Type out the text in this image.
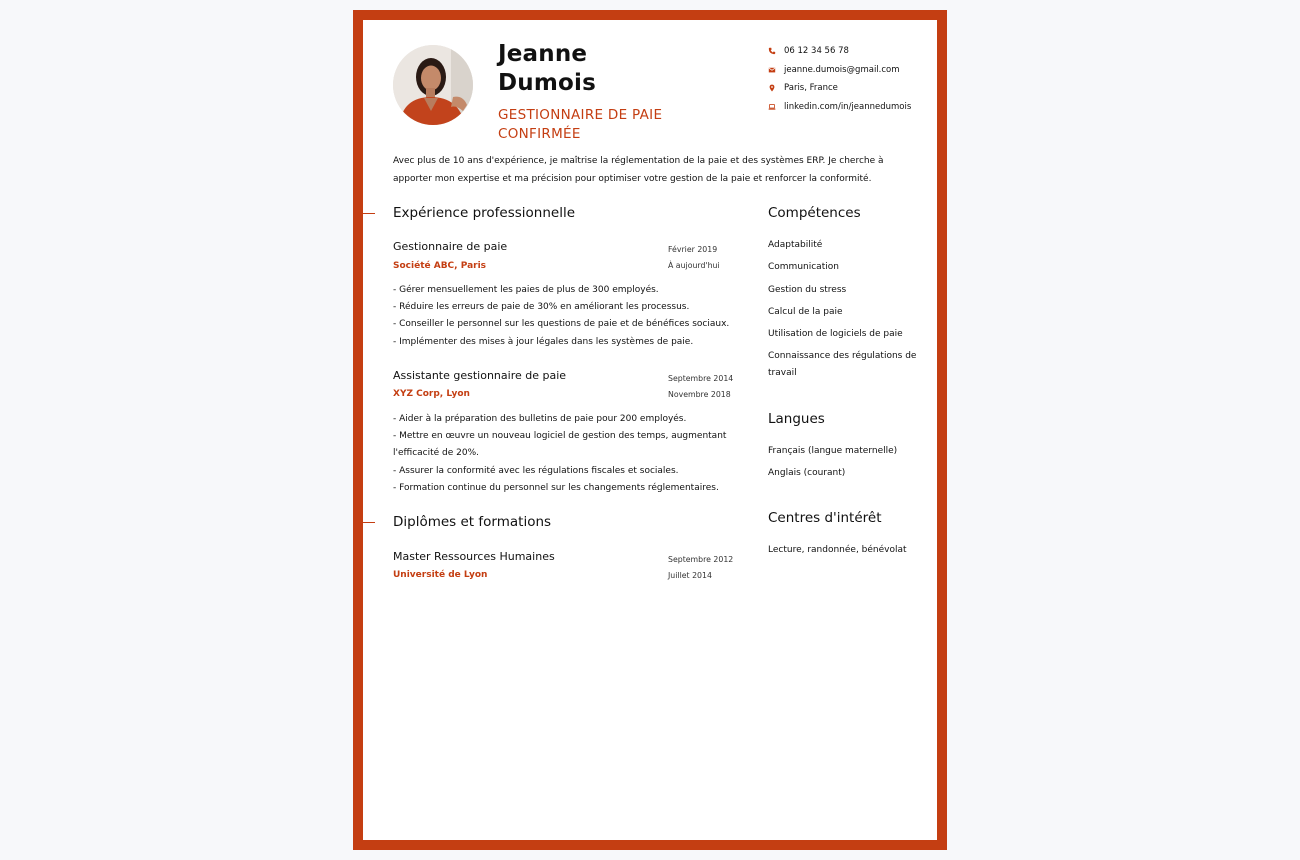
Jeanne
Dumois
GESTIONNAIRE DE PAIE
CONFIRMÉE
06 12 34 56 78
jeanne.dumois@gmail.com
Paris, France
linkedin.com/in/jeannedumois
Avec plus de 10 ans d'expérience, je maîtrise la réglementation de la paie et des systèmes ERP. Je cherche à apporter mon expertise et ma précision pour optimiser votre gestion de la paie et renforcer la conformité.
Expérience professionnelle
Gestionnaire de paie
Société ABC, Paris
Février 2019
À aujourd'hui
- Gérer mensuellement les paies de plus de 300 employés.
- Réduire les erreurs de paie de 30% en améliorant les processus.
- Conseiller le personnel sur les questions de paie et de bénéfices sociaux.
- Implémenter des mises à jour légales dans les systèmes de paie.
Assistante gestionnaire de paie
XYZ Corp, Lyon
Septembre 2014
Novembre 2018
- Aider à la préparation des bulletins de paie pour 200 employés.
- Mettre en œuvre un nouveau logiciel de gestion des temps, augmentant l'efficacité de 20%.
- Assurer la conformité avec les régulations fiscales et sociales.
- Formation continue du personnel sur les changements réglementaires.
Diplômes et formations
Master Ressources Humaines
Université de Lyon
Septembre 2012
Juillet 2014
Compétences
Adaptabilité
Communication
Gestion du stress
Calcul de la paie
Utilisation de logiciels de paie
Connaissance des régulations de travail
Langues
Français (langue maternelle)
Anglais (courant)
Centres d'intérêt
Lecture, randonnée, bénévolat
